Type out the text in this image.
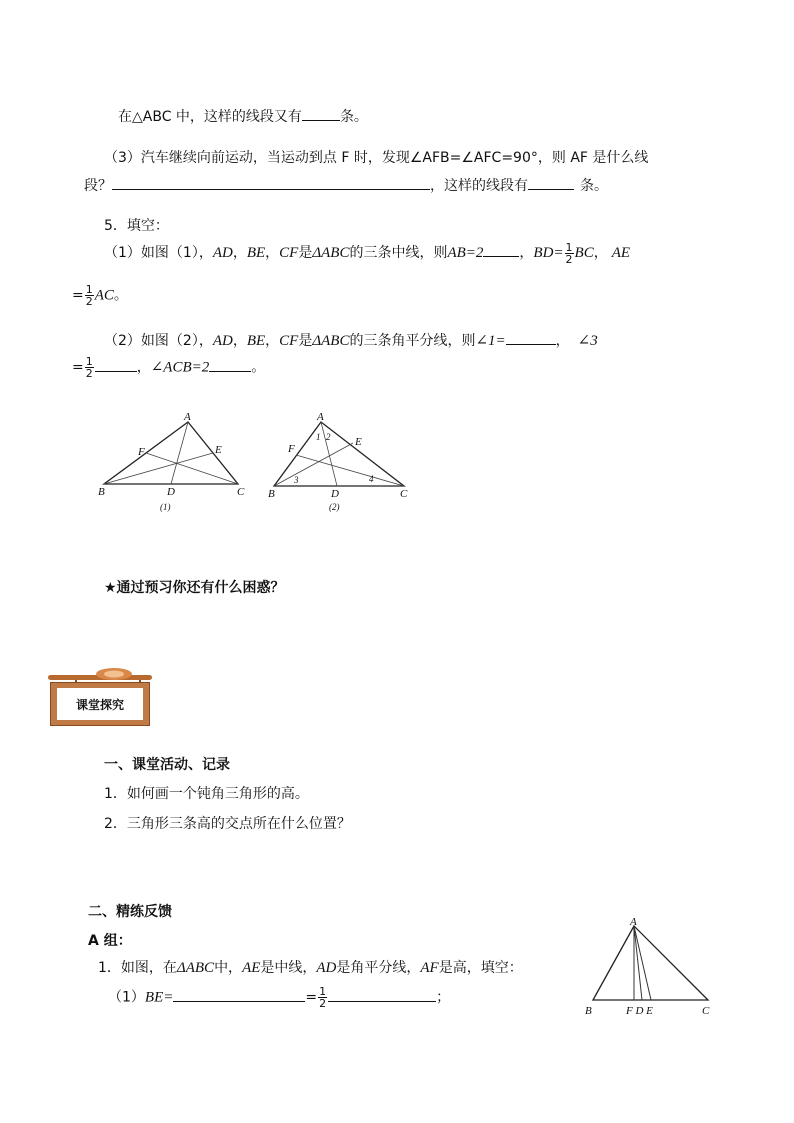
在△ABC 中，这样的线段又有	条。
（3）汽车继续向前运动，当运动到点 F 时，发现∠AFB=∠AFC=90°，则 AF 是什么线
段？	，这样的线段有	条。
5．填空：
（1）如图（1），AD，BE，CF是ΔABC的三条中线，则AB=2	，$BD= \frac{1}{2}$ BC， AE
= $\frac{1}{2}$ AC。
（2）如图（2），AD，BE，CF是ΔABC的三条角平分线，则∠1=	， ∠3
= $\frac{1}{2}$	，∠ACB=2	。
A
B	C
D
E
F
(1)
A
B	C
D
E
F
1 2
3	4
(2)
★通过预习你还有什么困惑？
课堂探究
一、课堂活动、记录
1．如何画一个钝角三角形的高。
2．三角形三条高的交点所在什么位置？
二、精练反馈
A 组：
1．如图，在ΔABC中，AE是中线，AD是角平分线，AF是高，填空：
（1）BE=	= $\frac{1}{2}$	；
A
B	C
F D E
